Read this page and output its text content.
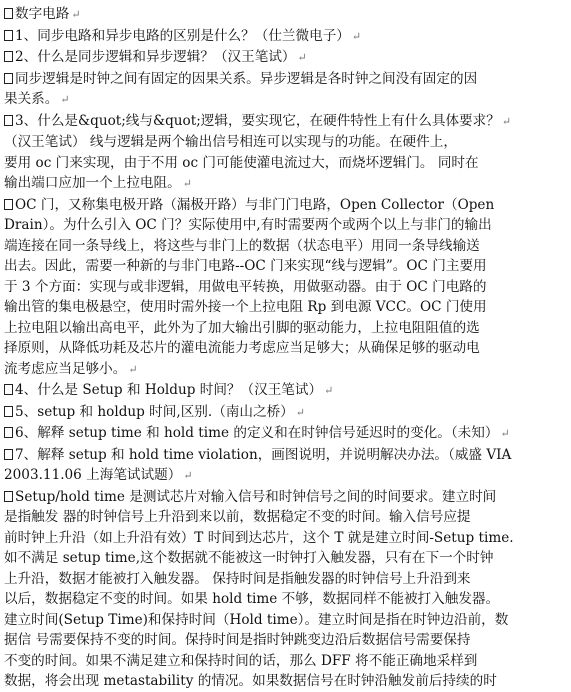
数字电路 ↵
1、同步电路和异步电路的区别是什么？（仕兰微电子） ↵
2、什么是同步逻辑和异步逻辑？（汉王笔试） ↵
同步逻辑是时钟之间有固定的因果关系。异步逻辑是各时钟之间没有固定的因
果关系。 ↵
3、什么是&quot;线与&quot;逻辑，要实现它，在硬件特性上有什么具体要求？ ↵
（汉王笔试） 线与逻辑是两个输出信号相连可以实现与的功能。在硬件上，
要用 oc 门来实现，由于不用 oc 门可能使灌电流过大，而烧坏逻辑门。 同时在
输出端口应加一个上拉电阻。 ↵
OC 门，又称集电极开路（漏极开路）与非门门电路，Open Collector（Open
Drain）。为什么引入 OC 门？实际使用中,有时需要两个或两个以上与非门的输出
端连接在同一条导线上，将这些与非门上的数据（状态电平）用同一条导线输送
出去。因此，需要一种新的与非门电路--OC 门来实现“线与逻辑”。OC 门主要用
于 3 个方面：实现与或非逻辑，用做电平转换，用做驱动器。由于 OC 门电路的
输出管的集电极悬空，使用时需外接一个上拉电阻 Rp 到电源 VCC。OC 门使用
上拉电阻以输出高电平，此外为了加大输出引脚的驱动能力，上拉电阻阻值的选
择原则，从降低功耗及芯片的灌电流能力考虑应当足够大；从确保足够的驱动电
流考虑应当足够小。 ↵
4、什么是 Setup 和 Holdup 时间？（汉王笔试） ↵
5、setup 和 holdup 时间,区别.（南山之桥） ↵
6、解释 setup time 和 hold time 的定义和在时钟信号延迟时的变化。（未知） ↵
7、解释 setup 和 hold time violation，画图说明，并说明解决办法。（威盛 VIA
2003.11.06 上海笔试试题） ↵
Setup/hold time 是测试芯片对输入信号和时钟信号之间的时间要求。建立时间
是指触发 器的时钟信号上升沿到来以前，数据稳定不变的时间。输入信号应提
前时钟上升沿（如上升沿有效）T 时间到达芯片，这个 T 就是建立时间-Setup time.
如不满足 setup time,这个数据就不能被这一时钟打入触发器，只有在下一个时钟
上升沿，数据才能被打入触发器。 保持时间是指触发器的时钟信号上升沿到来
以后，数据稳定不变的时间。如果 hold time 不够，数据同样不能被打入触发器。
建立时间(Setup Time)和保持时间（Hold time）。建立时间是指在时钟边沿前，数
据信 号需要保持不变的时间。保持时间是指时钟跳变边沿后数据信号需要保持
不变的时间。如果不满足建立和保持时间的话，那么 DFF 将不能正确地采样到
数据，将会出现 metastability 的情况。如果数据信号在时钟沿触发前后持续的时
